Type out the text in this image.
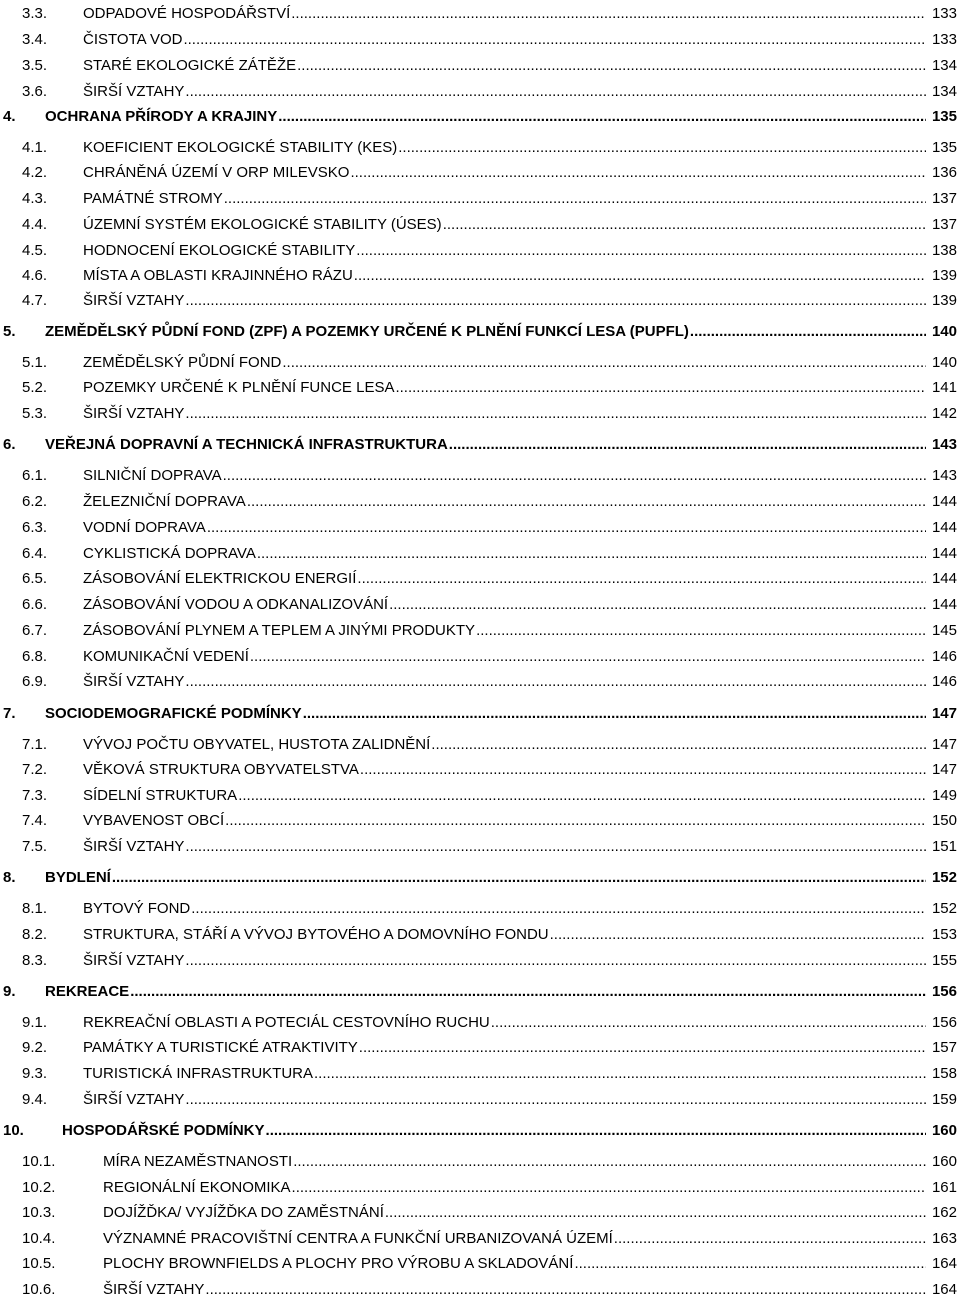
3.3. ODPADOVÉ HOSPODÁŘSTVÍ .....	133
3.4. ČISTOTA VOD .....	133
3.5. STARÉ EKOLOGICKÉ ZÁTĚŽE .....	134
3.6. ŠIRŠÍ VZTAHY .....	134
4. OCHRANA PŘÍRODY A KRAJINY .....	135
4.1. KOEFICIENT EKOLOGICKÉ STABILITY (KES) .....	135
4.2. CHRÁNĚNÁ ÚZEMÍ V ORP MILEVSKO .....	136
4.3. PAMÁTNÉ STROMY .....	137
4.4. ÚZEMNÍ SYSTÉM EKOLOGICKÉ STABILITY (ÚSES) .....	137
4.5. HODNOCENÍ EKOLOGICKÉ STABILITY .....	138
4.6. MÍSTA A OBLASTI KRAJINNÉHO RÁZU .....	139
4.7. ŠIRŠÍ VZTAHY .....	139
5. ZEMĚDĚLSKÝ PŮDNÍ FOND (ZPF) A POZEMKY URČENÉ K PLNĚNÍ FUNKCÍ LESA (PUPFL) .....	140
5.1. ZEMĚDĚLSKÝ PŮDNÍ FOND .....	140
5.2. POZEMKY URČENÉ K PLNĚNÍ FUNCE LESA .....	141
5.3. ŠIRŠÍ VZTAHY .....	142
6. VEŘEJNÁ DOPRAVNÍ A TECHNICKÁ INFRASTRUKTURA .....	143
6.1. SILNIČNÍ DOPRAVA .....	143
6.2. ŽELEZNIČNÍ DOPRAVA .....	144
6.3. VODNÍ DOPRAVA .....	144
6.4. CYKLISTICKÁ DOPRAVA .....	144
6.5. ZÁSOBOVÁNÍ ELEKTRICKOU ENERGIÍ .....	144
6.6. ZÁSOBOVÁNÍ VODOU A ODKANALIZOVÁNÍ .....	144
6.7. ZÁSOBOVÁNÍ PLYNEM A TEPLEM A JINÝMI PRODUKTY .....	145
6.8. KOMUNIKAČNÍ VEDENÍ .....	146
6.9. ŠIRŠÍ VZTAHY .....	146
7. SOCIODEMOGRAFICKÉ PODMÍNKY .....	147
7.1. VÝVOJ POČTU OBYVATEL, HUSTOTA ZALIDNĚNÍ .....	147
7.2. VĚKOVÁ STRUKTURA OBYVATELSTVA .....	147
7.3. SÍDELNÍ STRUKTURA .....	149
7.4. VYBAVENOST OBCÍ .....	150
7.5. ŠIRŠÍ VZTAHY .....	151
8. BYDLENÍ .....	152
8.1. BYTOVÝ FOND .....	152
8.2. STRUKTURA, STÁŘÍ A VÝVOJ BYTOVÉHO A DOMOVNÍHO FONDU .....	153
8.3. ŠIRŠÍ VZTAHY .....	155
9. REKREACE .....	156
9.1. REKREAČNÍ OBLASTI A POTECIÁL CESTOVNÍHO RUCHU .....	156
9.2. PAMÁTKY A TURISTICKÉ ATRAKTIVITY .....	157
9.3. TURISTICKÁ INFRASTRUKTURA .....	158
9.4. ŠIRŠÍ VZTAHY .....	159
10.	HOSPODÁŘSKÉ PODMÍNKY .....	160
10.1.	MÍRA NEZAMĚSTNANOSTI .....	160
10.2.	REGIONÁLNÍ EKONOMIKA .....	161
10.3.	DOJÍŽĎKA/ VYJÍŽĎKA DO ZAMĚSTNÁNÍ .....	162
10.4.	VÝZNAMNÉ PRACOVIŠTNÍ CENTRA A FUNKČNÍ URBANIZOVANÁ ÚZEMÍ .....	163
10.5.	PLOCHY BROWNFIELDS A PLOCHY PRO VÝROBU A SKLADOVÁNÍ .....	164
10.6.	ŠIRŠÍ VZTAHY .....	164
